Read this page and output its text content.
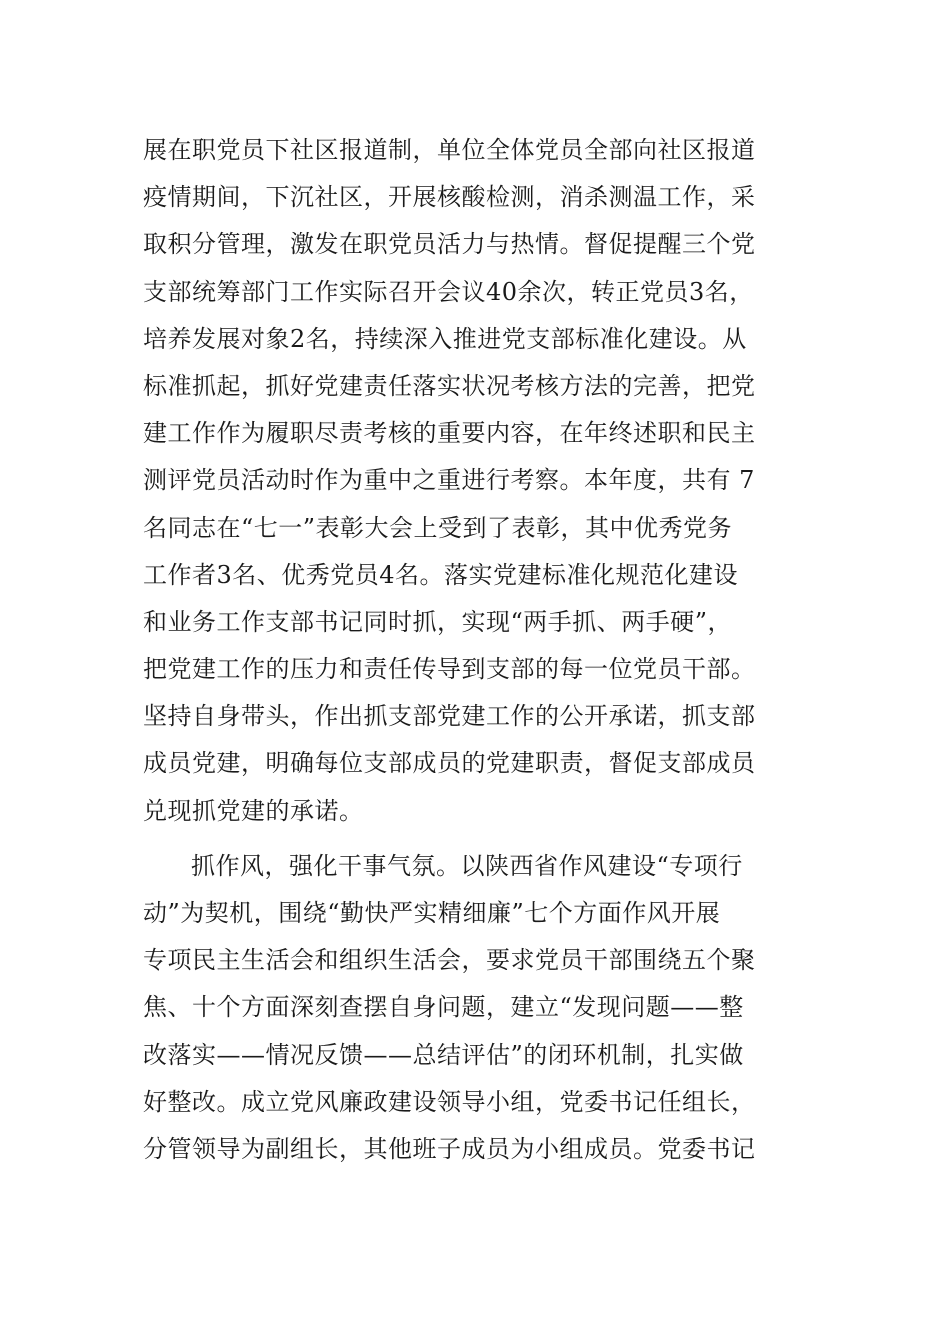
展在职党员下社区报道制，单位全体党员全部向社区报道
疫情期间，下沉社区，开展核酸检测，消杀测温工作，采
取积分管理，激发在职党员活力与热情。督促提醒三个党
支部统筹部门工作实际召开会议40余次，转正党员3名，
培养发展对象2名，持续深入推进党支部标准化建设。从
标准抓起，抓好党建责任落实状况考核方法的完善，把党
建工作作为履职尽责考核的重要内容，在年终述职和民主
测评党员活动时作为重中之重进行考察。本年度，共有 7
名同志在“七一”表彰大会上受到了表彰，其中优秀党务
工作者3名、优秀党员4名。落实党建标准化规范化建设
和业务工作支部书记同时抓，实现“两手抓、两手硬”，
把党建工作的压力和责任传导到支部的每一位党员干部。
坚持自身带头，作出抓支部党建工作的公开承诺，抓支部
成员党建，明确每位支部成员的党建职责，督促支部成员
兑现抓党建的承诺。
抓作风，强化干事气氛。以陕西省作风建设“专项行
动”为契机，围绕“勤快严实精细廉”七个方面作风开展
专项民主生活会和组织生活会，要求党员干部围绕五个聚
焦、十个方面深刻查摆自身问题，建立“发现问题——整
改落实——情况反馈——总结评估”的闭环机制，扎实做
好整改。成立党风廉政建设领导小组，党委书记任组长，
分管领导为副组长，其他班子成员为小组成员。党委书记
